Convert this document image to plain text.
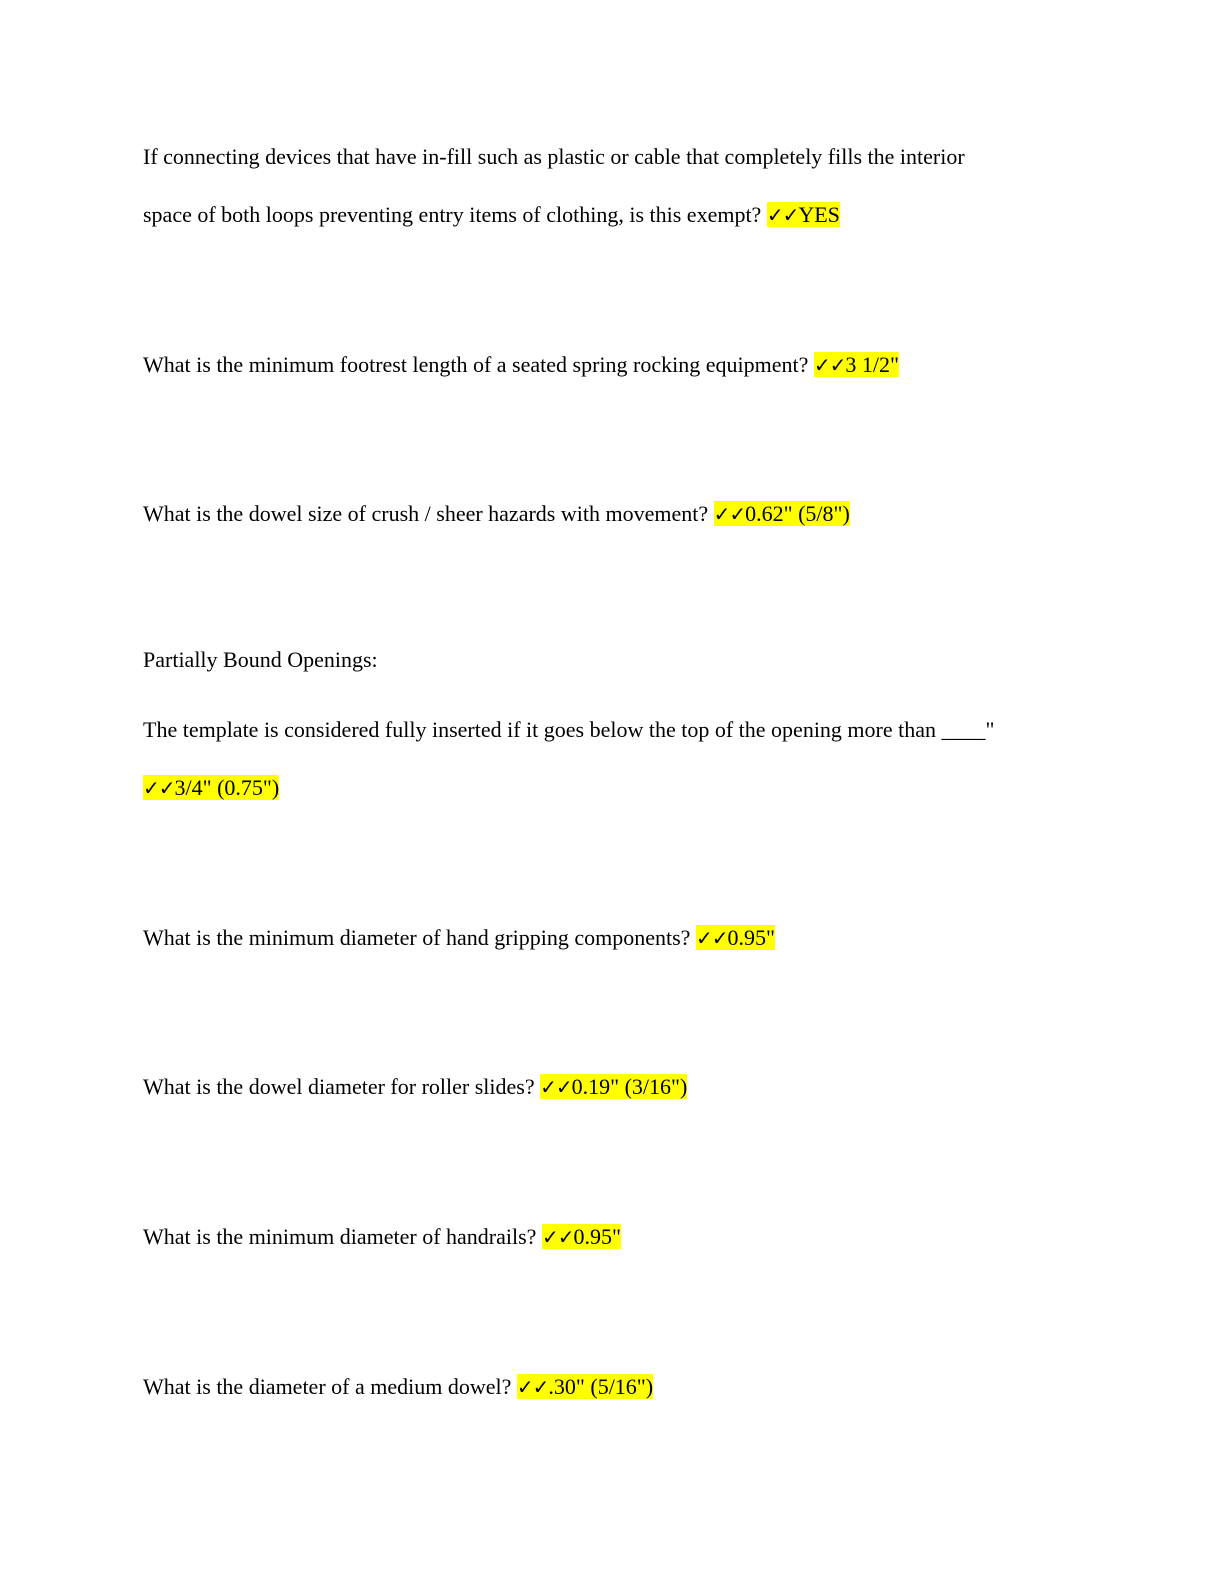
If connecting devices that have in-fill such as plastic or cable that completely fills the interior
space of both loops preventing entry items of clothing, is this exempt? ✓✓YES
What is the minimum footrest length of a seated spring rocking equipment? ✓✓3 1/2"
What is the dowel size of crush / sheer hazards with movement? ✓✓0.62" (5/8")
Partially Bound Openings:
The template is considered fully inserted if it goes below the top of the opening more than ____"
✓✓3/4" (0.75")
What is the minimum diameter of hand gripping components? ✓✓0.95"
What is the dowel diameter for roller slides? ✓✓0.19" (3/16")
What is the minimum diameter of handrails? ✓✓0.95"
What is the diameter of a medium dowel? ✓✓.30" (5/16")
